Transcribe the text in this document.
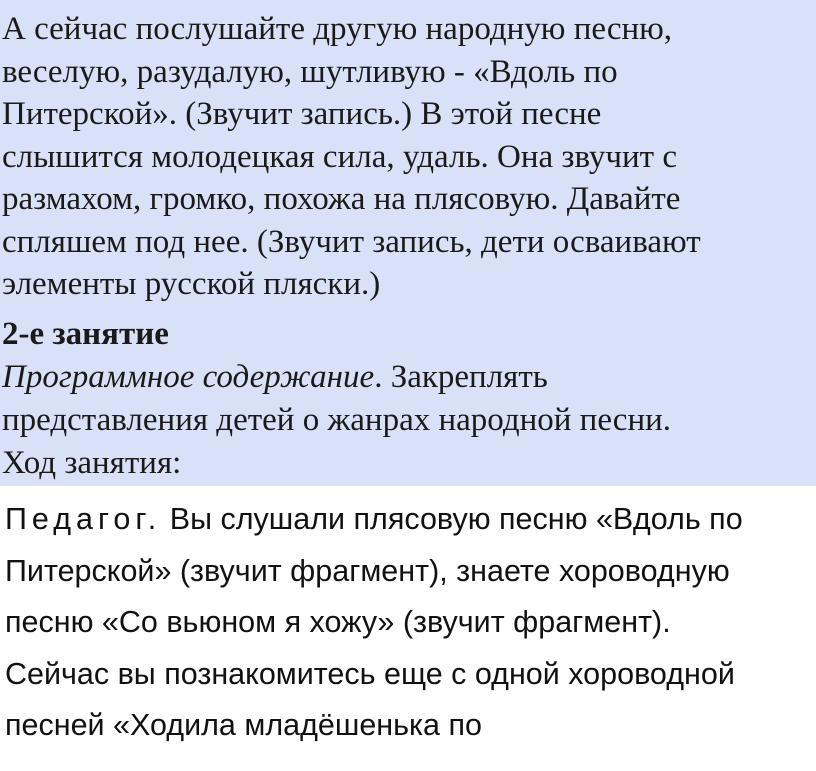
А сейчас послушайте другую народную песню,
веселую, разудалую, шутливую - «Вдоль по
Питерской». (Звучит запись.) В этой песне
слышится молодецкая сила, удаль. Она звучит с
размахом, громко, похожа на плясовую. Давайте
спляшем под нее. (Звучит запись, дети осваивают
элементы русской пляски.)
2-е занятие
Программное содержание. Закреплять
представления детей о жанрах народной песни.
Ход занятия:
Педагог. Вы слушали плясовую песню «Вдоль по
Питерской» (звучит фрагмент), знаете хороводную
песню «Со вьюном я хожу» (звучит фрагмент).
Сейчас вы познакомитесь еще с одной хороводной
песней «Ходила младёшенька по
